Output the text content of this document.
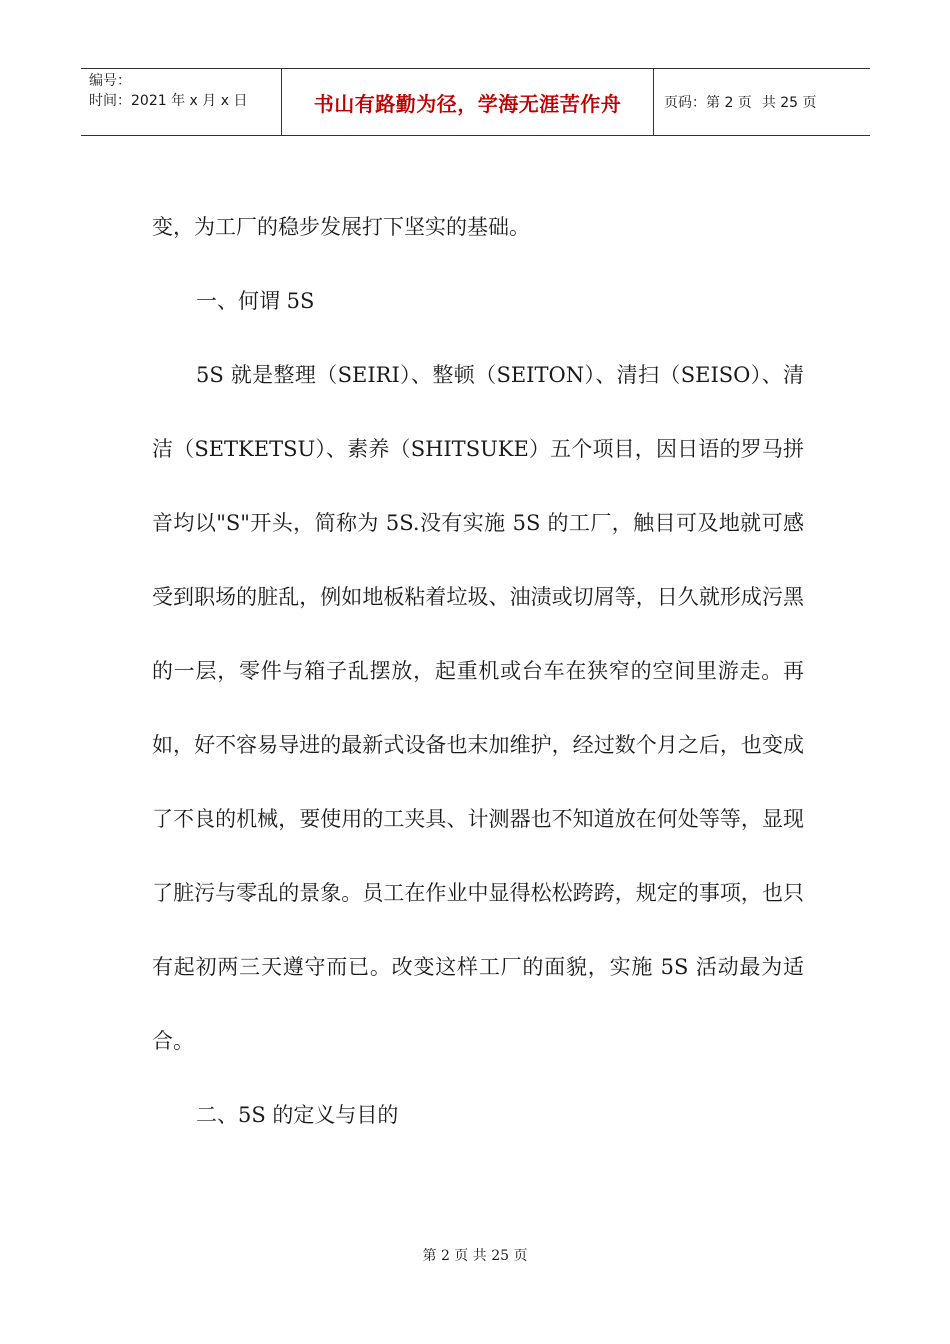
编号：
时间：2021 年 x 月 x 日	书山有路勤为径，学海无涯苦作舟	页码：第 2 页 共 25 页

变，为工厂的稳步发展打下坚实的基础。

一、何谓 5S

5S 就是整理（SEIRI）、整顿（SEITON）、清扫（SEISO）、清洁（SETKETSU）、素养（SHITSUKE）五个项目，因日语的罗马拼音均以"S"开头，简称为 5S.没有实施 5S 的工厂，触目可及地就可感受到职场的脏乱，例如地板粘着垃圾、油渍或切屑等，日久就形成污黑的一层，零件与箱子乱摆放，起重机或台车在狭窄的空间里游走。再如，好不容易导进的最新式设备也末加维护，经过数个月之后，也变成了不良的机械，要使用的工夹具、计测器也不知道放在何处等等，显现了脏污与零乱的景象。员工在作业中显得松松跨跨，规定的事项，也只有起初两三天遵守而已。改变这样工厂的面貌，实施 5S 活动最为适合。

二、5S 的定义与目的

第 2 页 共 25 页
